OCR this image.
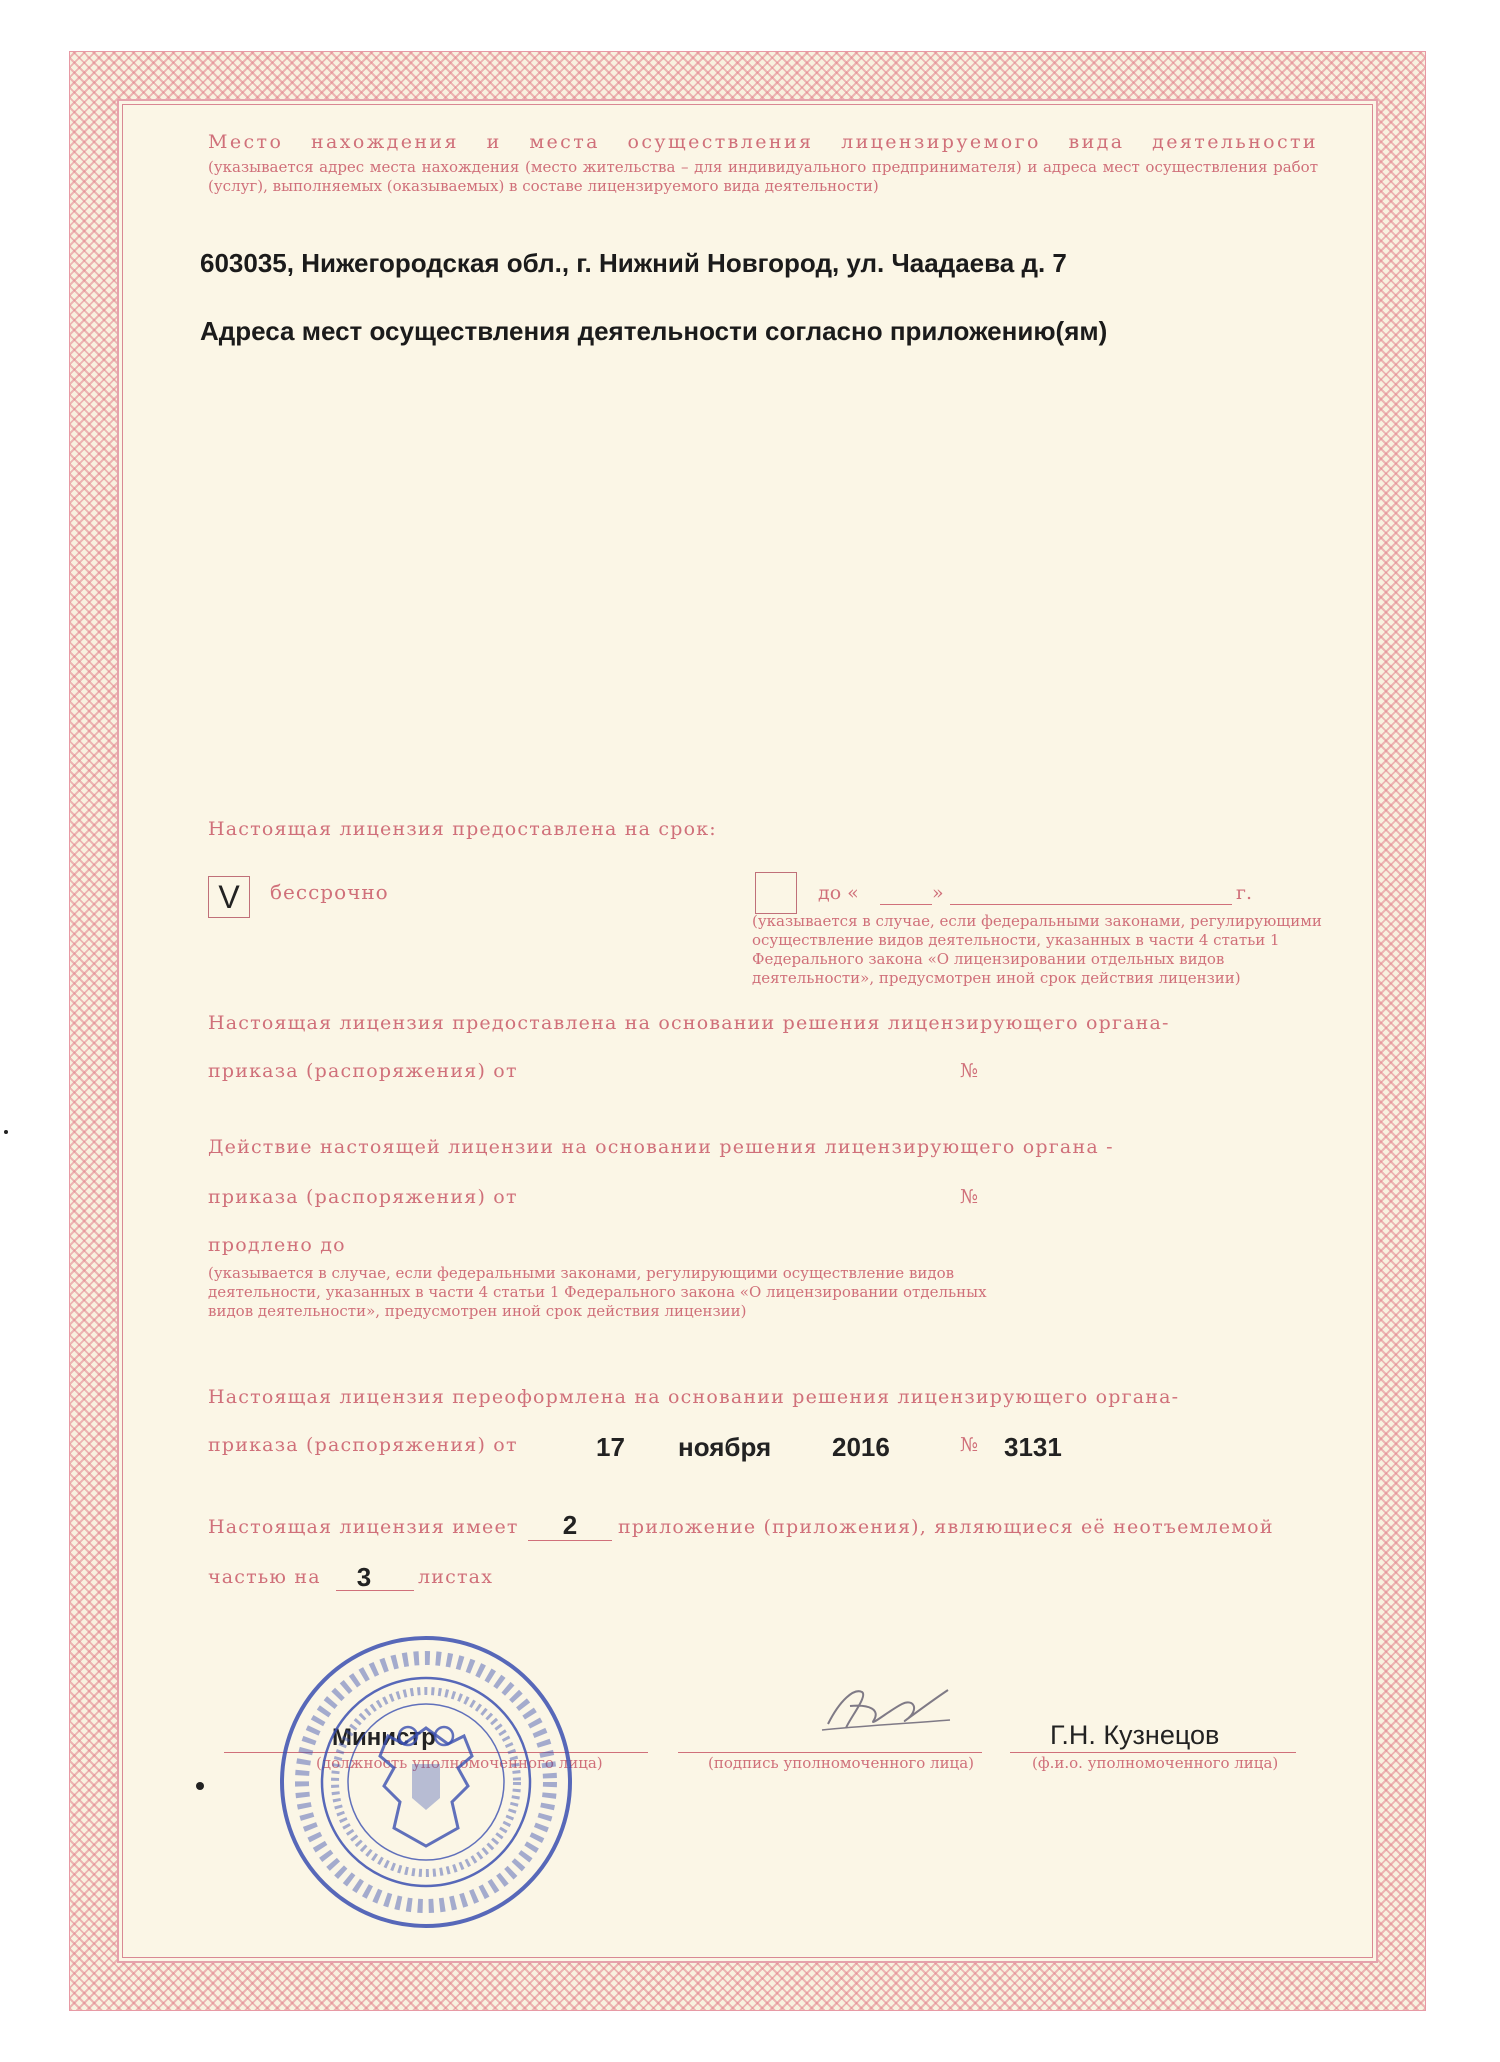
Место нахождения и места осуществления лицензируемого вида деятельности
(указывается адрес места нахождения (место жительства – для индивидуального предпринимателя) и адреса мест осуществления работ (услуг), выполняемых (оказываемых) в составе лицензируемого вида деятельности)
603035, Нижегородская обл., г. Нижний Новгород, ул. Чаадаева д. 7
Адреса мест осуществления деятельности согласно приложению(ям)
Настоящая лицензия предоставлена на срок:
V	бессрочно	до «	»	г.
(указывается в случае, если федеральными законами, регулирующими осуществление видов деятельности, указанных в части 4 статьи 1 Федерального закона «О лицензировании отдельных видов деятельности», предусмотрен иной срок действия лицензии)
Настоящая лицензия предоставлена на основании решения лицензирующего органа-
приказа (распоряжения) от	№
Действие настоящей лицензии на основании решения лицензирующего органа -
приказа (распоряжения) от	№
продлено до
(указывается в случае, если федеральными законами, регулирующими осуществление видов деятельности, указанных в части 4 статьи 1 Федерального закона «О лицензировании отдельных видов деятельности», предусмотрен иной срок действия лицензии)
Настоящая лицензия переоформлена на основании решения лицензирующего органа-
приказа (распоряжения) от	17 ноября 2016	№ 3131
Настоящая лицензия имеет	2	приложение (приложения), являющиеся её неотъемлемой
частью на	3	листах
Министр
(должность уполномоченного лица)	(подпись уполномоченного лица)
Г.Н. Кузнецов
(ф.и.о. уполномоченного лица)
